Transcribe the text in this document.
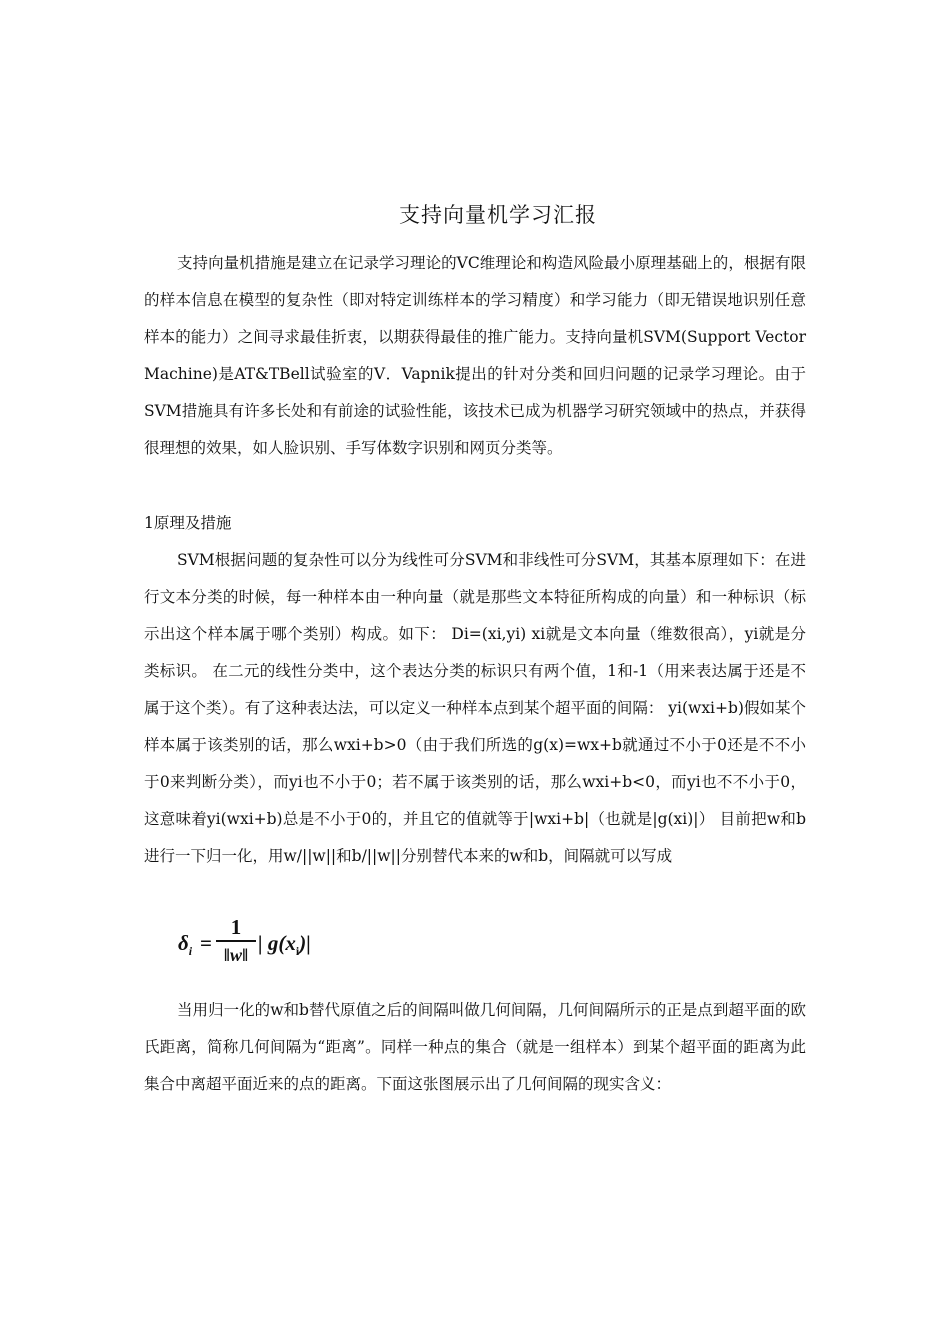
支持向量机学习汇报

支持向量机措施是建立在记录学习理论的VC维理论和构造风险最小原理基础上的，根据有限的样本信息在模型的复杂性（即对特定训练样本的学习精度）和学习能力（即无错误地识别任意样本的能力）之间寻求最佳折衷，以期获得最佳的推广能力。支持向量机SVM(Support Vector Machine)是AT&TBell试验室的V．Vapnik提出的针对分类和回归问题的记录学习理论。由于SVM措施具有许多长处和有前途的试验性能，该技术已成为机器学习研究领域中的热点，并获得很理想的效果，如人脸识别、手写体数字识别和网页分类等。

1原理及措施

SVM根据问题的复杂性可以分为线性可分SVM和非线性可分SVM，其基本原理如下：在进行文本分类的时候，每一种样本由一种向量（就是那些文本特征所构成的向量）和一种标识（标示出这个样本属于哪个类别）构成。如下： Di=(xi,yi) xi就是文本向量（维数很高），yi就是分类标识。 在二元的线性分类中，这个表达分类的标识只有两个值，1和-1（用来表达属于还是不属于这个类）。有了这种表达法，可以定义一种样本点到某个超平面的间隔： yi(wxi+b)假如某个样本属于该类别的话，那么wxi+b>0（由于我们所选的g(x)=wx+b就通过不小于0还是不不小于0来判断分类），而yi也不小于0；若不属于该类别的话，那么wxi+b<0，而yi也不不小于0，这意味着yi(wxi+b)总是不小于0的，并且它的值就等于|wxi+b|（也就是|g(xi)|） 目前把w和b进行一下归一化，用w/||w||和b/||w||分别替代本来的w和b，间隔就可以写成

$\delta_i$ =
1
‖w‖ | $g(x_i)|$

当用归一化的w和b替代原值之后的间隔叫做几何间隔，几何间隔所示的正是点到超平面的欧氏距离，简称几何间隔为“距离”。同样一种点的集合（就是一组样本）到某个超平面的距离为此集合中离超平面近来的点的距离。下面这张图展示出了几何间隔的现实含义：
